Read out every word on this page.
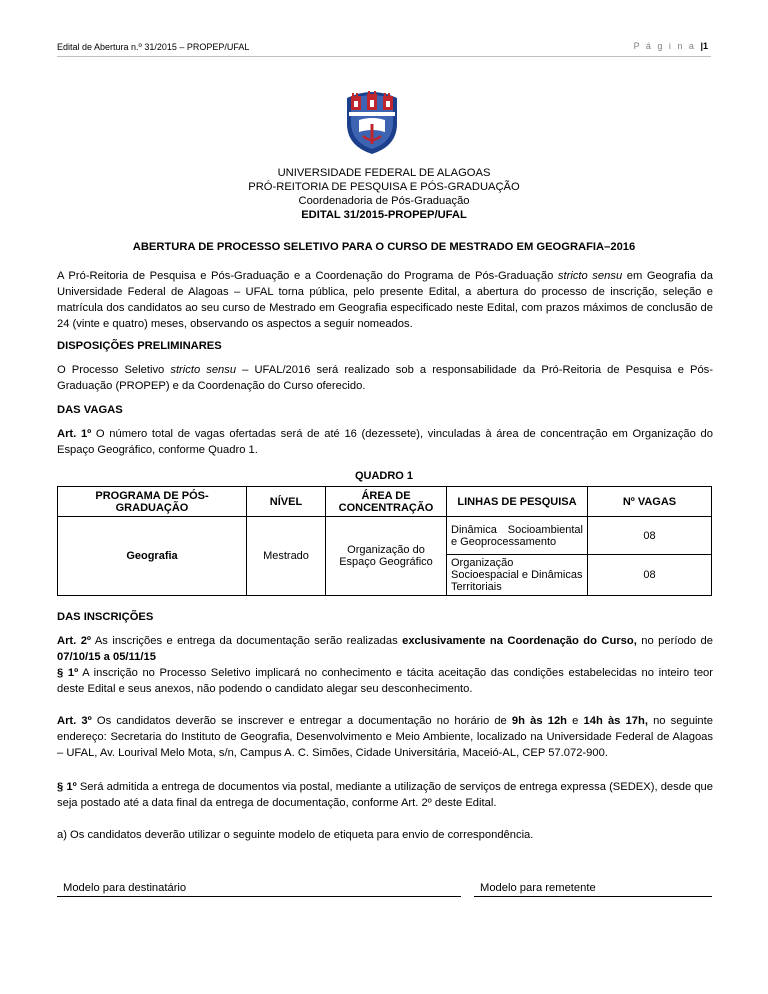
Edital de Abertura n.º 31/2015 – PROPEP/UFAL	P á g i n a |1
UNIVERSIDADE FEDERAL DE ALAGOAS
PRÓ-REITORIA DE PESQUISA E PÓS-GRADUAÇÃO
Coordenadoria de Pós-Graduação
EDITAL 31/2015-PROPEP/UFAL
ABERTURA DE PROCESSO SELETIVO PARA O CURSO DE MESTRADO EM GEOGRAFIA–2016
A Pró-Reitoria de Pesquisa e Pós-Graduação e a Coordenação do Programa de Pós-Graduação stricto sensu em Geografia da Universidade Federal de Alagoas – UFAL torna pública, pelo presente Edital, a abertura do processo de inscrição, seleção e matrícula dos candidatos ao seu curso de Mestrado em Geografia especificado neste Edital, com prazos máximos de conclusão de 24 (vinte e quatro) meses, observando os aspectos a seguir nomeados.
DISPOSIÇÕES PRELIMINARES
O Processo Seletivo stricto sensu – UFAL/2016 será realizado sob a responsabilidade da Pró-Reitoria de Pesquisa e Pós-Graduação (PROPEP) e da Coordenação do Curso oferecido.
DAS VAGAS
Art. 1º O número total de vagas ofertadas será de até 16 (dezessete), vinculadas à área de concentração em Organização do Espaço Geográfico, conforme Quadro 1.
QUADRO 1
PROGRAMA DE PÓS-GRADUAÇÃO	NÍVEL	ÁREA DE CONCENTRAÇÃO	LINHAS DE PESQUISA	Nº VAGAS
Geografia	Mestrado	Organização do Espaço Geográfico	Dinâmica Socioambiental e Geoprocessamento	08
			Organização Socioespacial e Dinâmicas Territoriais	08
DAS INSCRIÇÕES
Art. 2º As inscrições e entrega da documentação serão realizadas exclusivamente na Coordenação do Curso, no período de 07/10/15 a 05/11/15
§ 1º A inscrição no Processo Seletivo implicará no conhecimento e tácita aceitação das condições estabelecidas no inteiro teor deste Edital e seus anexos, não podendo o candidato alegar seu desconhecimento.
Art. 3º Os candidatos deverão se inscrever e entregar a documentação no horário de 9h às 12h e 14h às 17h, no seguinte endereço: Secretaria do Instituto de Geografia, Desenvolvimento e Meio Ambiente, localizado na Universidade Federal de Alagoas – UFAL, Av. Lourival Melo Mota, s/n, Campus A. C. Simões, Cidade Universitária, Maceió-AL, CEP 57.072-900.
§ 1º Será admitida a entrega de documentos via postal, mediante a utilização de serviços de entrega expressa (SEDEX), desde que seja postado até a data final da entrega de documentação, conforme Art. 2º deste Edital.
a) Os candidatos deverão utilizar o seguinte modelo de etiqueta para envio de correspondência.
Modelo para destinatário	Modelo para remetente
